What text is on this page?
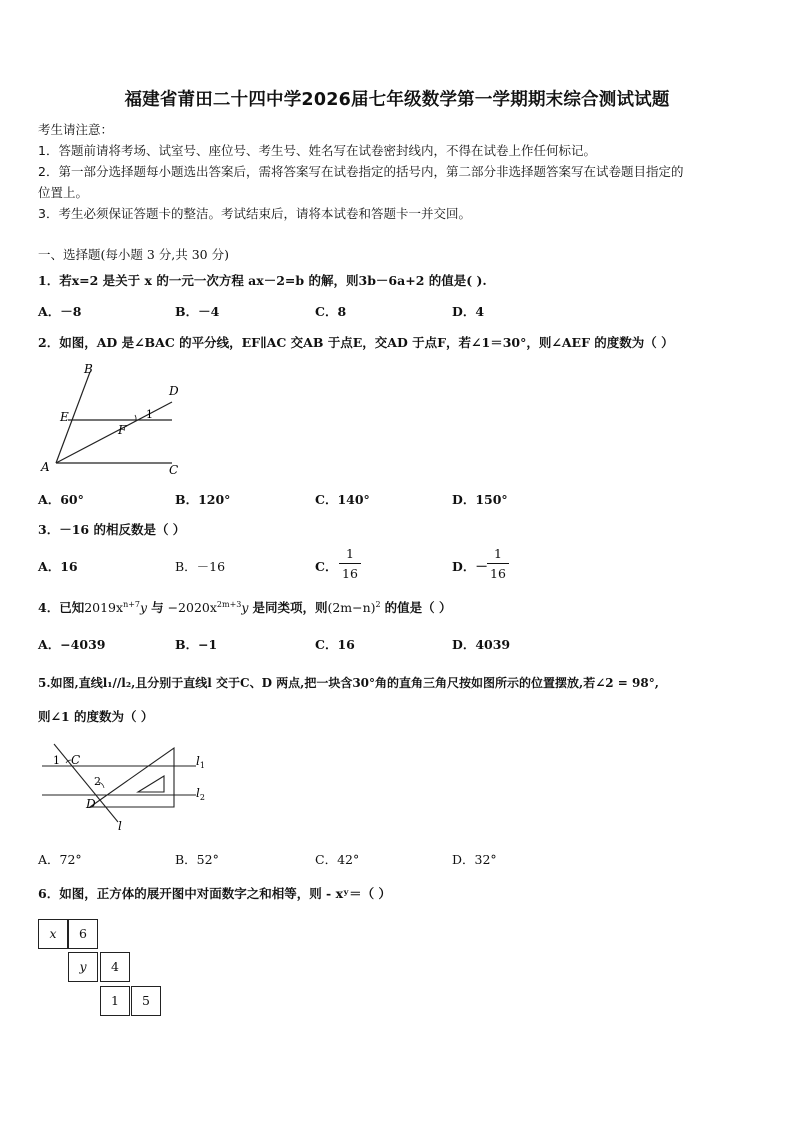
福建省莆田二十四中学2026届七年级数学第一学期期末综合测试试题
考生请注意：
1．答题前请将考场、试室号、座位号、考生号、姓名写在试卷密封线内，不得在试卷上作任何标记。
2．第一部分选择题每小题选出答案后，需将答案写在试卷指定的括号内，第二部分非选择题答案写在试卷题目指定的
位置上。
3．考生必须保证答题卡的整洁。考试结束后，请将本试卷和答题卡一并交回。
一、选择题(每小题 3 分,共 30 分)
1．若x=2 是关于 x 的一元一次方程 ax－2=b 的解，则3b－6a+2 的值是( ).
A．－8	B．－4	C．8	D．4
2．如图，AD 是∠BAC 的平分线，EF∥AC 交AB 于点E，交AD 于点F，若∠1＝30°，则∠AEF 的度数为（ ）
B
D
E
F
1
A	C
A．60°	B．120°	C．140°	D．150°
3．－16 的相反数是（ ）
A．16	B．－16	C．
1
16	D．－
1
16
4．已知$2019x^{n+7}y$ 与 $-2020x^{2m+3}y$ 是同类项，则$(2m-n)^2$ 的值是（ ）
A．−4039	B．−1	C．16	D．4039
5.如图,直线l₁//l₂,且分别于直线l 交于C、D 两点,把一块含30°角的直角三角尺按如图所示的位置摆放,若∠2 = 98°,
则∠1 的度数为（ ）
1 C
2
D
l
$l_1$
$l_2$
A．72°	B．52°	C．42°	D．32°
6．如图，正方体的展开图中对面数字之和相等，则 - xʸ＝（ ）
x	6
y	4
1	5
